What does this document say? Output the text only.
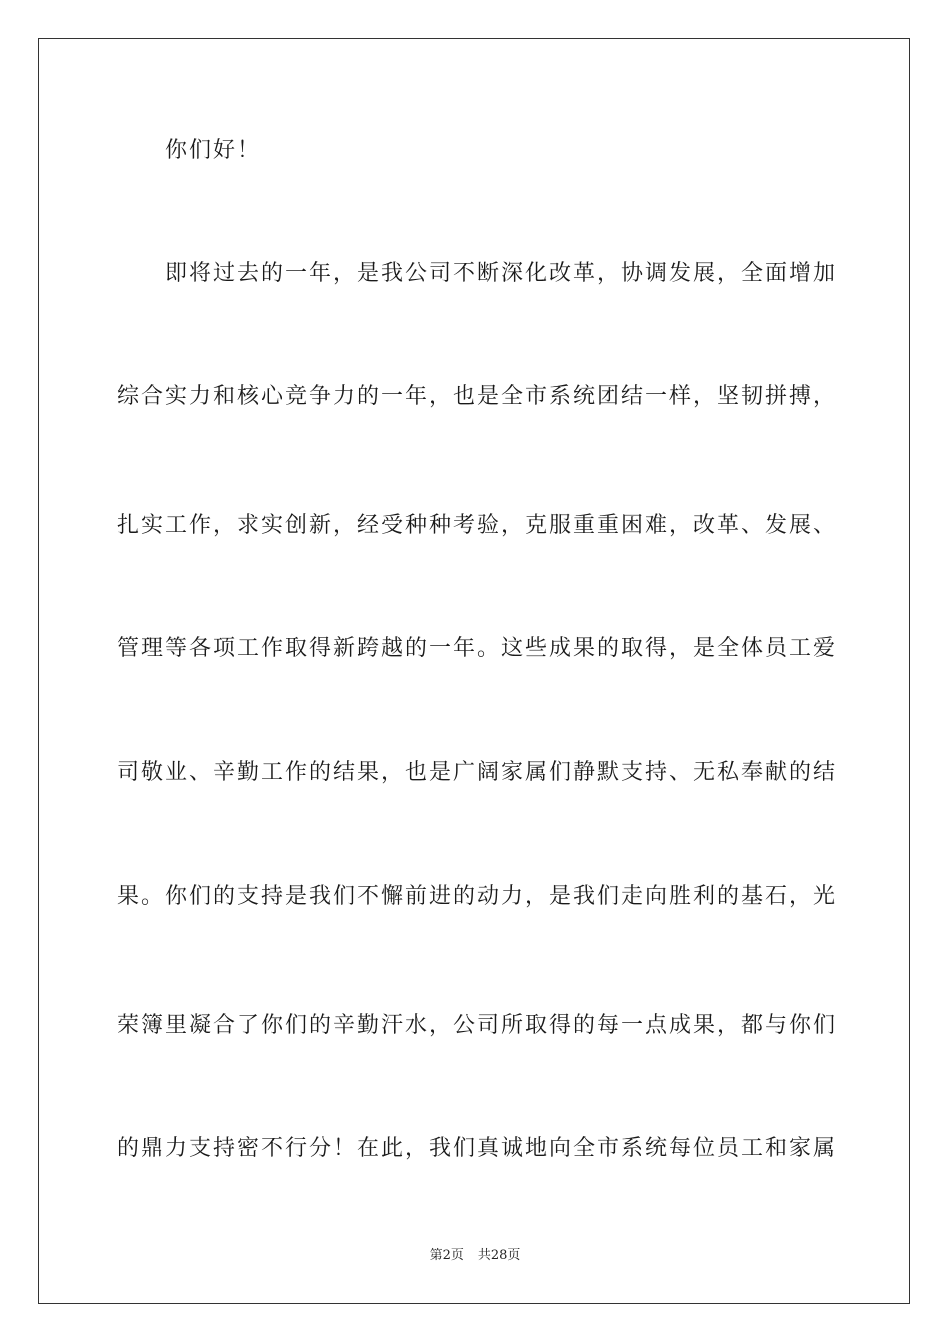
你们好！
即将过去的一年，是我公司不断深化改革，协调发展，全面增加
综合实力和核心竞争力的一年，也是全市系统团结一样，坚韧拼搏，
扎实工作，求实创新，经受种种考验，克服重重困难，改革、发展、
管理等各项工作取得新跨越的一年。这些成果的取得，是全体员工爱
司敬业、辛勤工作的结果，也是广阔家属们静默支持、无私奉献的结
果。你们的支持是我们不懈前进的动力，是我们走向胜利的基石，光
荣簿里凝合了你们的辛勤汗水，公司所取得的每一点成果，都与你们
的鼎力支持密不行分！在此，我们真诚地向全市系统每位员工和家属
第2页 共28页
